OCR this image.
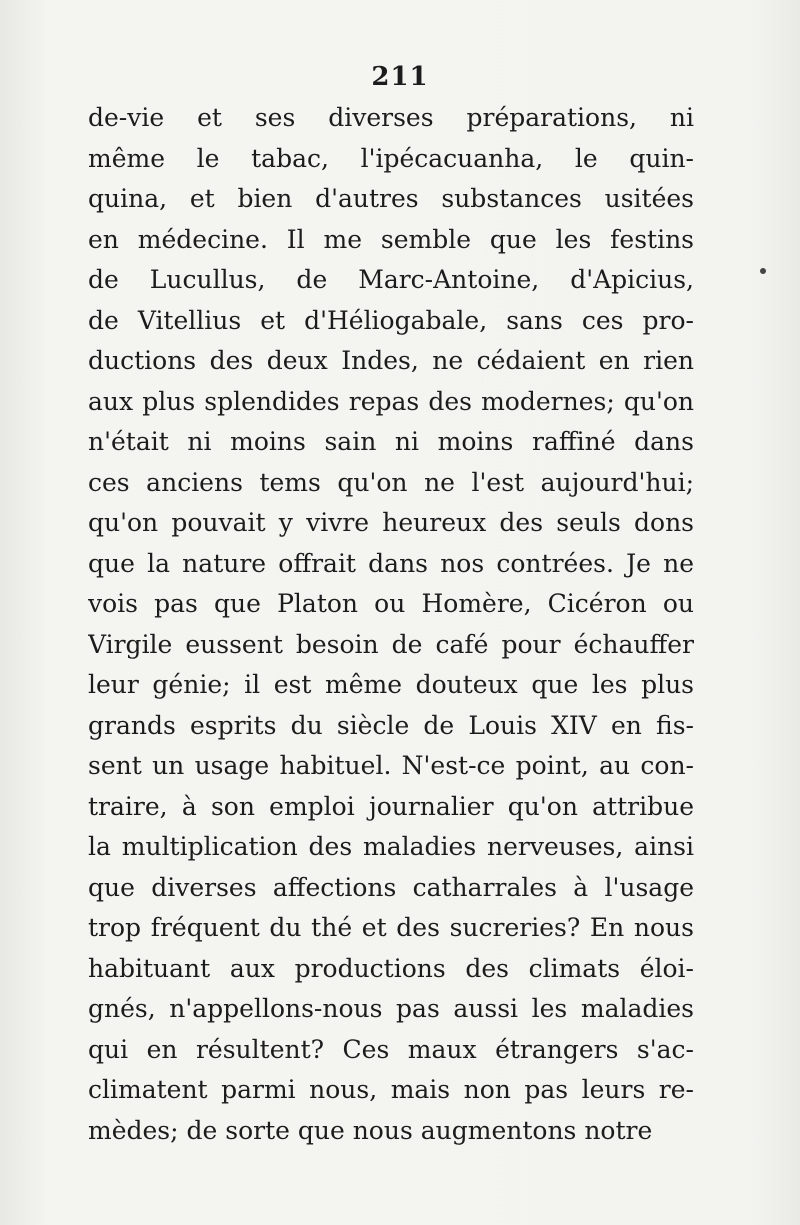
211
de-vie et ses diverses préparations, ni
même le tabac, l'ipécacuanha, le quin-
quina, et bien d'autres substances usitées
en médecine. Il me semble que les festins
de Lucullus, de Marc-Antoine, d'Apicius,
de Vitellius et d'Héliogabale, sans ces pro-
ductions des deux Indes, ne cédaient en rien
aux plus splendides repas des modernes; qu'on
n'était ni moins sain ni moins raffiné dans
ces anciens tems qu'on ne l'est aujourd'hui;
qu'on pouvait y vivre heureux des seuls dons
que la nature offrait dans nos contrées. Je ne
vois pas que Platon ou Homère, Cicéron ou
Virgile eussent besoin de café pour échauffer
leur génie; il est même douteux que les plus
grands esprits du siècle de Louis XIV en fis-
sent un usage habituel. N'est-ce point, au con-
traire, à son emploi journalier qu'on attribue
la multiplication des maladies nerveuses, ainsi
que diverses affections catharrales à l'usage
trop fréquent du thé et des sucreries? En nous
habituant aux productions des climats éloi-
gnés, n'appellons-nous pas aussi les maladies
qui en résultent? Ces maux étrangers s'ac-
climatent parmi nous, mais non pas leurs re-
mèdes; de sorte que nous augmentons notre
